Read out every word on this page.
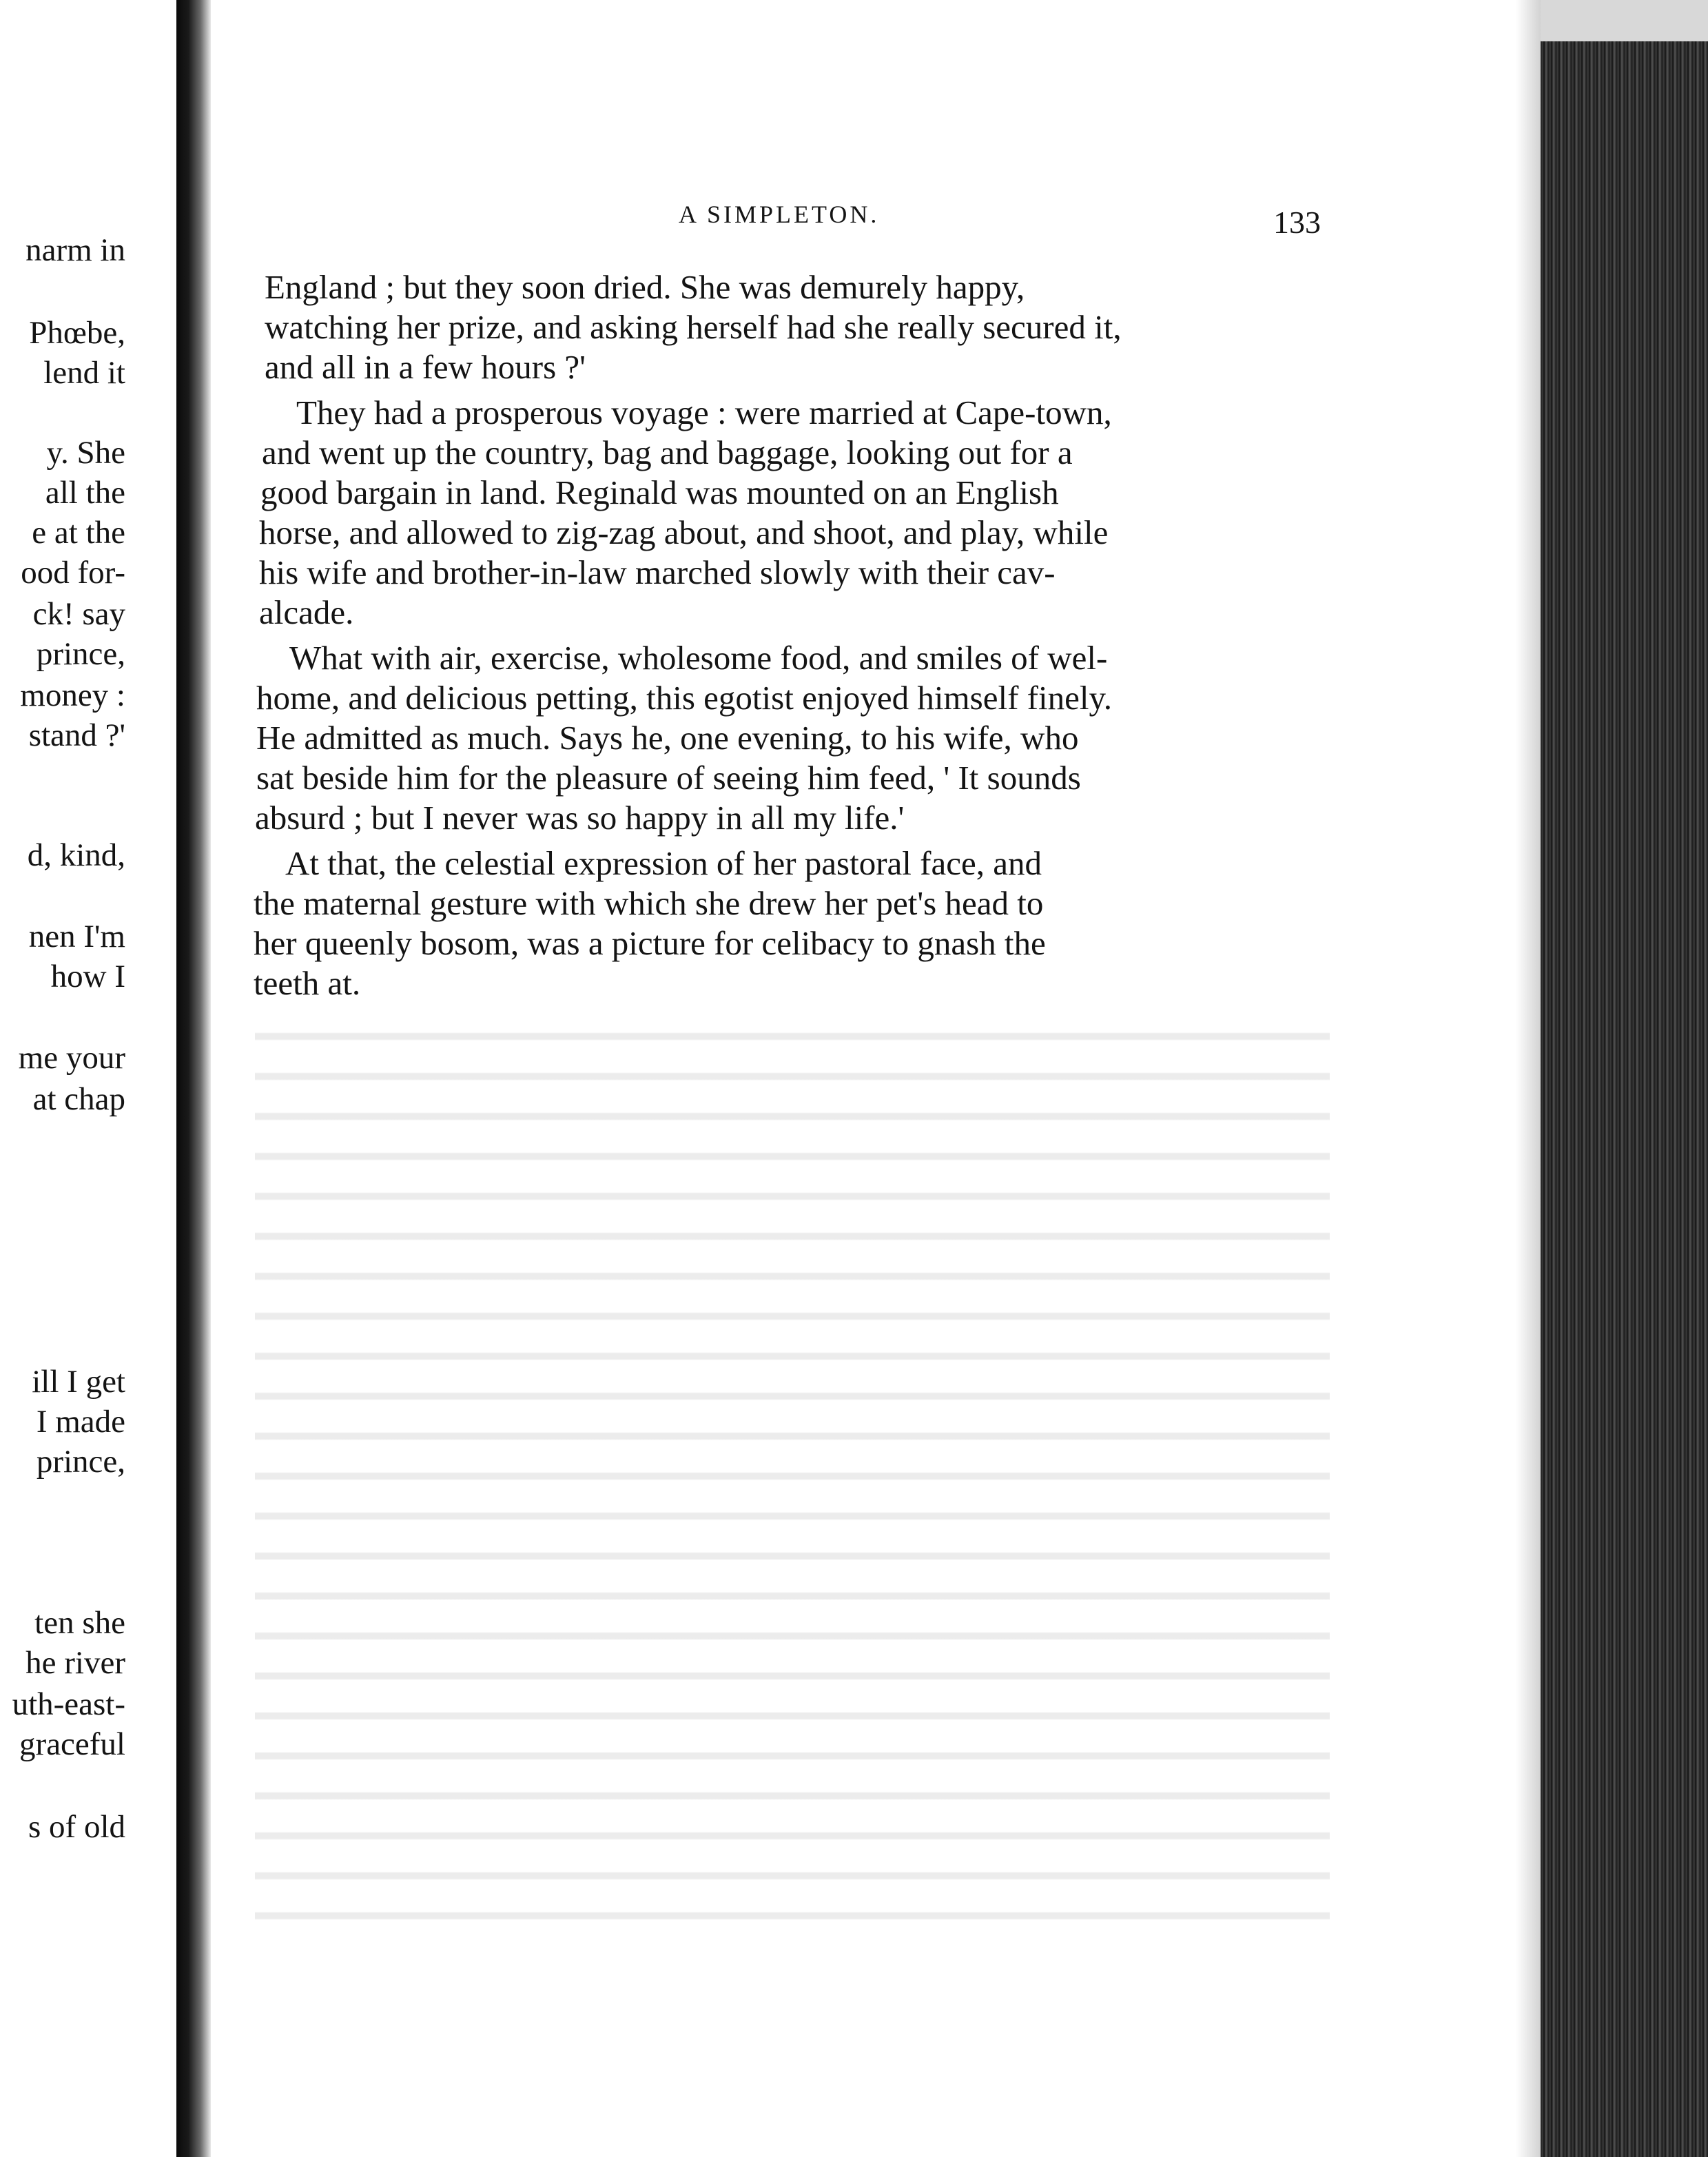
narm in
Phœbe,
lend it
y. She
all the
e at the
ood for-
ck! say
prince,
money :
stand ?'
d, kind,
nen I'm
how I
me your
at chap
ill I get
I made
prince,
ten she
he river
uth-east-
graceful
s of old
A SIMPLETON.	133
England ; but they soon dried. She was demurely happy,
watching her prize, and asking herself had she really secured it,
and all in a few hours ?'
They had a prosperous voyage : were married at Cape-town,
and went up the country, bag and baggage, looking out for a
good bargain in land. Reginald was mounted on an English
horse, and allowed to zig-zag about, and shoot, and play, while
his wife and brother-in-law marched slowly with their cav-
alcade.
What with air, exercise, wholesome food, and smiles of wel-
home, and delicious petting, this egotist enjoyed himself finely.
He admitted as much. Says he, one evening, to his wife, who
sat beside him for the pleasure of seeing him feed, ' It sounds
absurd ; but I never was so happy in all my life.'
At that, the celestial expression of her pastoral face, and
the maternal gesture with which she drew her pet's head to
her queenly bosom, was a picture for celibacy to gnash the
teeth at.
